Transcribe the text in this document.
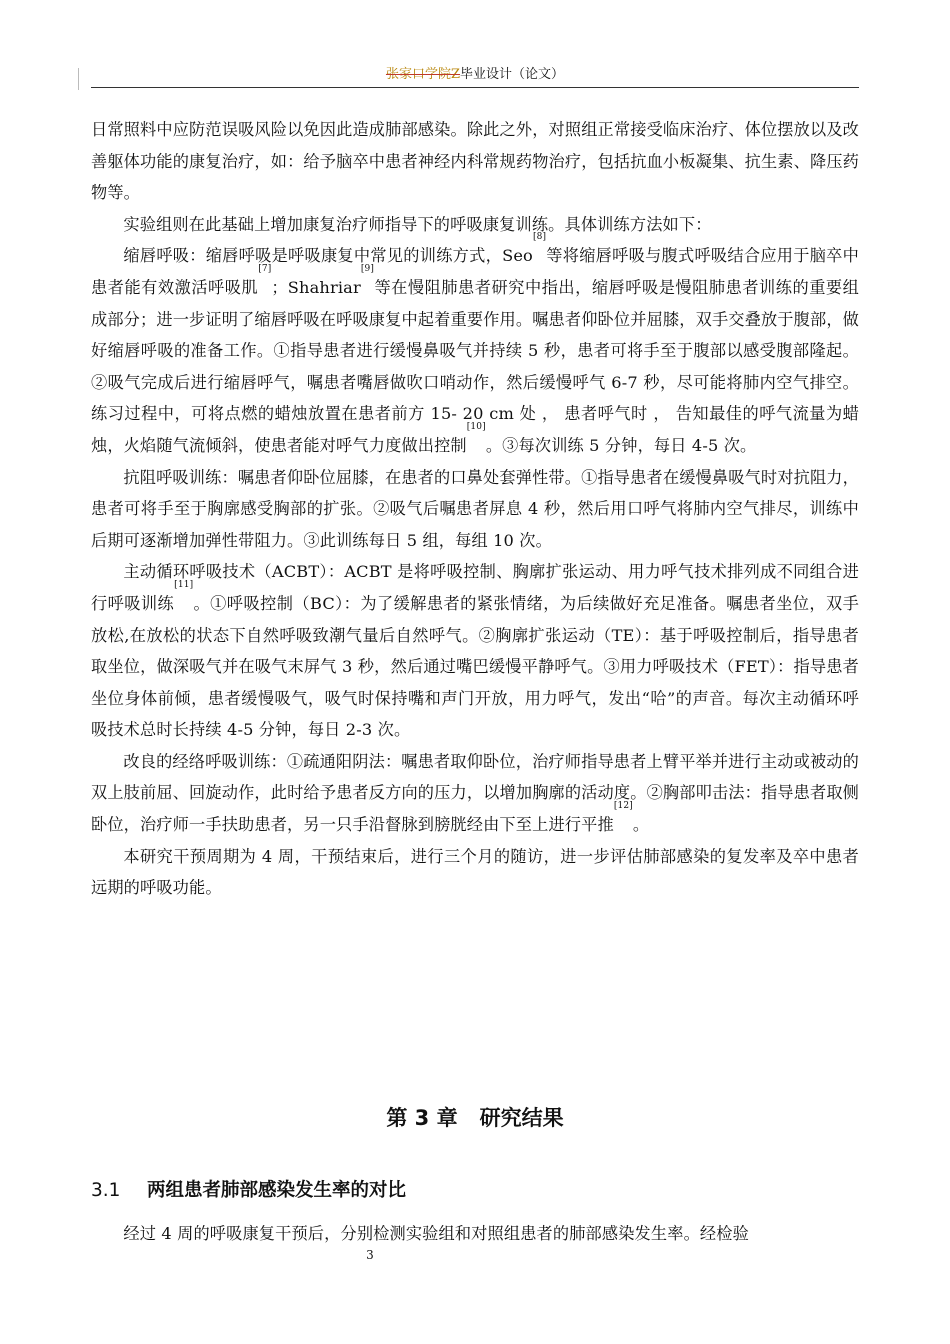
张家口学院Z毕业设计（论文）

日常照料中应防范误吸风险以免因此造成肺部感染。除此之外，对照组正常接受临床治疗、体位摆放以及改善躯体功能的康复治疗，如：给予脑卒中患者神经内科常规药物治疗，包括抗血小板凝集、抗生素、降压药物等。

实验组则在此基础上增加康复治疗师指导下的呼吸康复训练。具体训练方法如下：

缩唇呼吸：缩唇呼吸是呼吸康复中常见的训练方式，Seo[8]等将缩唇呼吸与腹式呼吸结合应用于脑卒中患者能有效激活呼吸肌[7]；Shahriar[9]等在慢阻肺患者研究中指出，缩唇呼吸是慢阻肺患者训练的重要组成部分；进一步证明了缩唇呼吸在呼吸康复中起着重要作用。嘱患者仰卧位并屈膝，双手交叠放于腹部，做好缩唇呼吸的准备工作。①指导患者进行缓慢鼻吸气并持续 5 秒，患者可将手至于腹部以感受腹部隆起。②吸气完成后进行缩唇呼气，嘱患者嘴唇做吹口哨动作，然后缓慢呼气 6-7 秒，尽可能将肺内空气排空。练习过程中，可将点燃的蜡烛放置在患者前方 15- 20 cm 处 ， 患者呼气时 ， 告知最佳的呼气流量为蜡烛，火焰随气流倾斜，使患者能对呼气力度做出控制[10]。③每次训练 5 分钟，每日 4-5 次。

抗阻呼吸训练：嘱患者仰卧位屈膝，在患者的口鼻处套弹性带。①指导患者在缓慢鼻吸气时对抗阻力，患者可将手至于胸廓感受胸部的扩张。②吸气后嘱患者屏息 4 秒，然后用口呼气将肺内空气排尽，训练中后期可逐渐增加弹性带阻力。③此训练每日 5 组，每组 10 次。

主动循环呼吸技术（ACBT）：ACBT 是将呼吸控制、胸廓扩张运动、用力呼气技术排列成不同组合进行呼吸训练[11]。①呼吸控制（BC）：为了缓解患者的紧张情绪，为后续做好充足准备。嘱患者坐位，双手放松,在放松的状态下自然呼吸致潮气量后自然呼气。②胸廓扩张运动（TE）：基于呼吸控制后，指导患者取坐位，做深吸气并在吸气末屏气 3 秒，然后通过嘴巴缓慢平静呼气。③用力呼吸技术（FET）：指导患者坐位身体前倾，患者缓慢吸气，吸气时保持嘴和声门开放，用力呼气，发出“哈”的声音。每次主动循环呼吸技术总时长持续 4-5 分钟，每日 2-3 次。

改良的经络呼吸训练：①疏通阳阴法：嘱患者取仰卧位，治疗师指导患者上臂平举并进行主动或被动的双上肢前屈、回旋动作，此时给予患者反方向的压力，以增加胸廓的活动度。②胸部叩击法：指导患者取侧卧位，治疗师一手扶助患者，另一只手沿督脉到膀胱经由下至上进行平推[12]。

本研究干预周期为 4 周，干预结束后，进行三个月的随访，进一步评估肺部感染的复发率及卒中患者远期的呼吸功能。

第 3 章 研究结果
3.1 两组患者肺部感染发生率的对比

经过 4 周的呼吸康复干预后，分别检测实验组和对照组患者的肺部感染发生率。经检验

3
